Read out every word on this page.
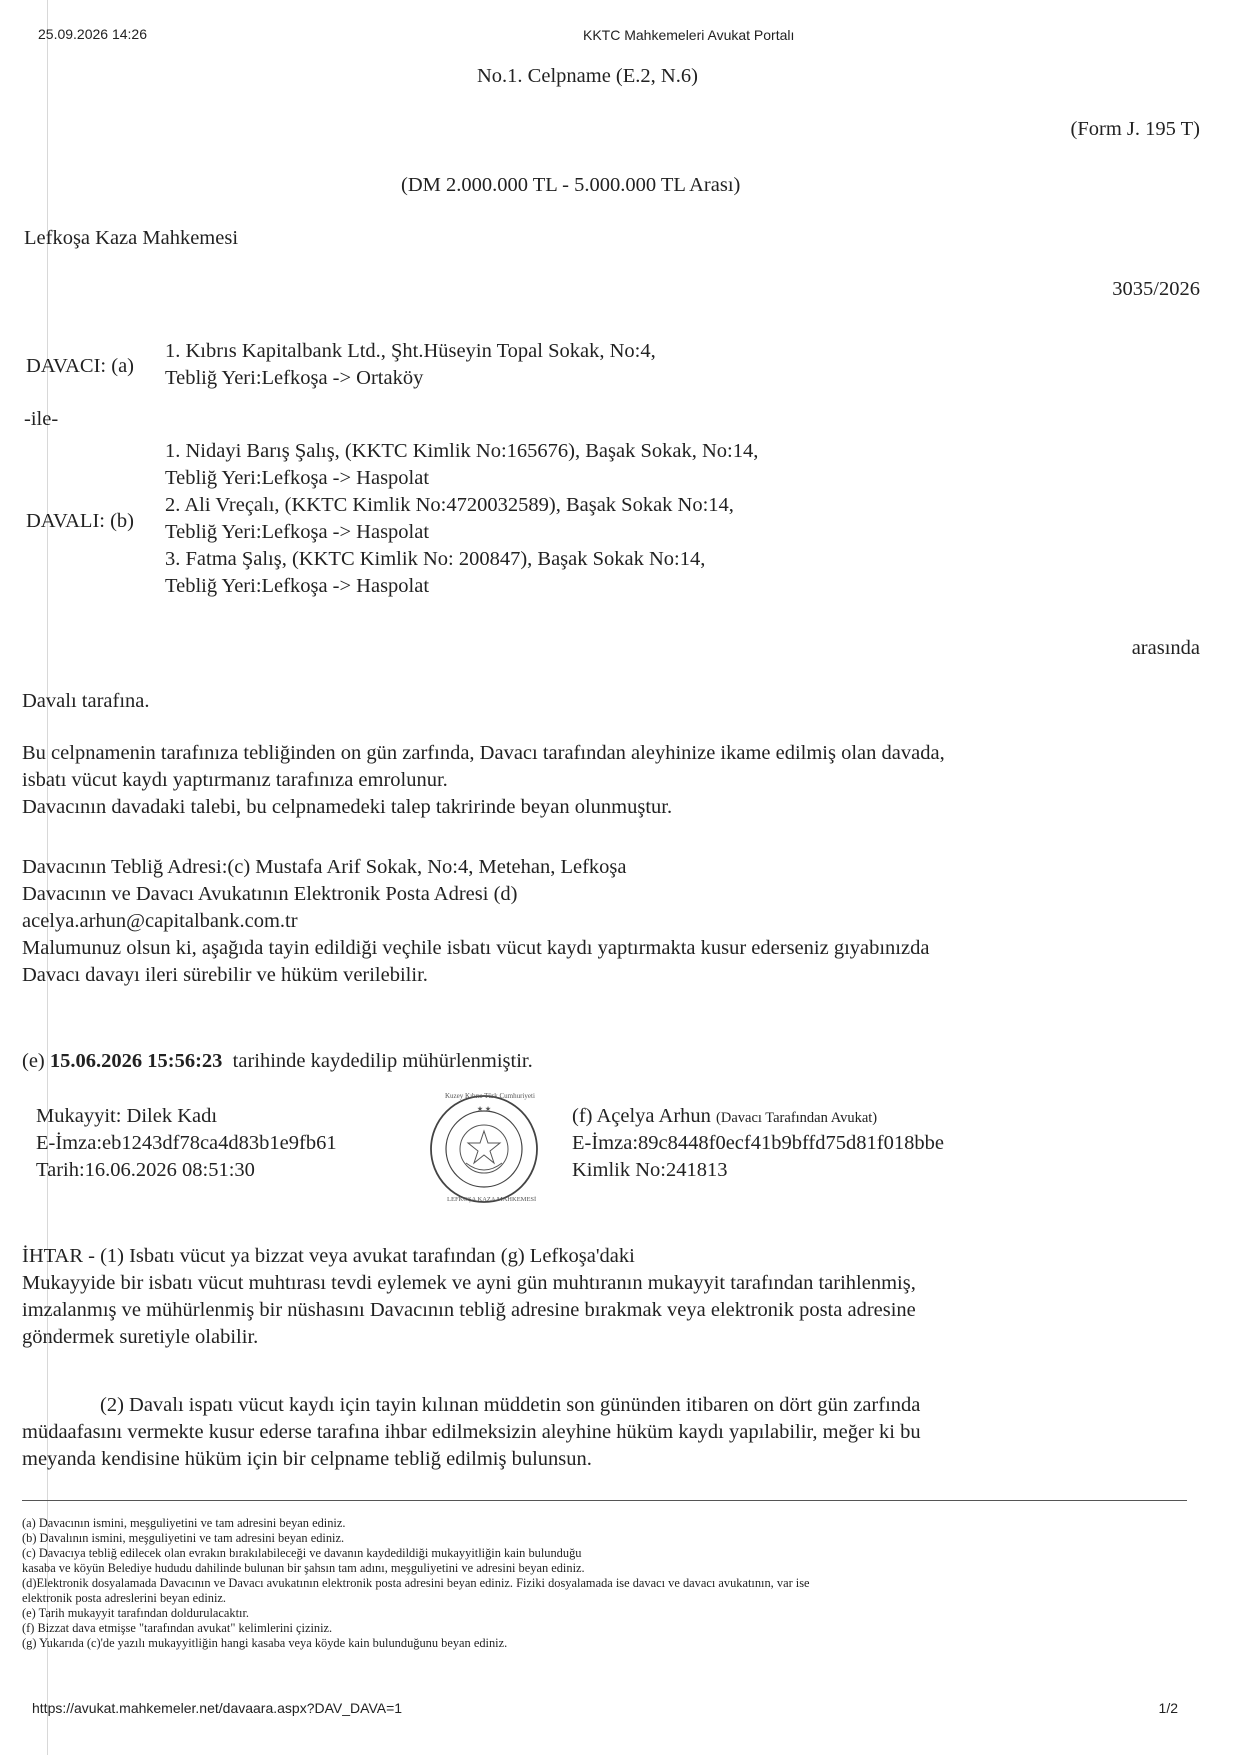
25.09.2026 14:26	KKTC Mahkemeleri Avukat Portalı
No.1. Celpname (E.2, N.6)
(Form J. 195 T)
(DM 2.000.000 TL - 5.000.000 TL Arası)
Lefkoşa Kaza Mahkemesi
3035/2026
DAVACI: (a)
1. Kıbrıs Kapitalbank Ltd., Şht.Hüseyin Topal Sokak, No:4,
Tebliğ Yeri:Lefkoşa -> Ortaköy
-ile-
DAVALI: (b)
1. Nidayi Barış Şalış, (KKTC Kimlik No:165676), Başak Sokak, No:14,
Tebliğ Yeri:Lefkoşa -> Haspolat
2. Ali Vreçalı, (KKTC Kimlik No:4720032589), Başak Sokak No:14,
Tebliğ Yeri:Lefkoşa -> Haspolat
3. Fatma Şalış, (KKTC Kimlik No: 200847), Başak Sokak No:14,
Tebliğ Yeri:Lefkoşa -> Haspolat
arasında
Davalı tarafına.
Bu celpnamenin tarafınıza tebliğinden on gün zarfında, Davacı tarafından aleyhinize ikame edilmiş olan davada,
isbatı vücut kaydı yaptırmanız tarafınıza emrolunur.
Davacının davadaki talebi, bu celpnamedeki talep takririnde beyan olunmuştur.
Davacının Tebliğ Adresi:(c) Mustafa Arif Sokak, No:4, Metehan, Lefkoşa
Davacının ve Davacı Avukatının Elektronik Posta Adresi (d)
acelya.arhun@capitalbank.com.tr
Malumunuz olsun ki, aşağıda tayin edildiği veçhile isbatı vücut kaydı yaptırmakta kusur ederseniz gıyabınızda
Davacı davayı ileri sürebilir ve hüküm verilebilir.
(e) 15.06.2026 15:56:23 tarihinde kaydedilip mühürlenmiştir.
Mukayyit: Dilek Kadı
E-İmza:eb1243df78ca4d83b1e9fb61
Tarih:16.06.2026 08:51:30
★ ★
Kuzey Kıbrıs Türk Cumhuriyeti
LEFKOŞA KAZA MAHKEMESİ
(f) Açelya Arhun (Davacı Tarafından Avukat)
E-İmza:89c8448f0ecf41b9bffd75d81f018bbe
Kimlik No:241813
İHTAR - (1) Isbatı vücut ya bizzat veya avukat tarafından (g) Lefkoşa'daki
Mukayyide bir isbatı vücut muhtırası tevdi eylemek ve ayni gün muhtıranın mukayyit tarafından tarihlenmiş,
imzalanmış ve mühürlenmiş bir nüshasını Davacının tebliğ adresine bırakmak veya elektronik posta adresine
göndermek suretiyle olabilir.
(2) Davalı ispatı vücut kaydı için tayin kılınan müddetin son gününden itibaren on dört gün zarfında
müdaafasını vermekte kusur ederse tarafına ihbar edilmeksizin aleyhine hüküm kaydı yapılabilir, meğer ki bu
meyanda kendisine hüküm için bir celpname tebliğ edilmiş bulunsun.
(a) Davacının ismini, meşguliyetini ve tam adresini beyan ediniz.
(b) Davalının ismini, meşguliyetini ve tam adresini beyan ediniz.
(c) Davacıya tebliğ edilecek olan evrakın bırakılabileceği ve davanın kaydedildiği mukayyitliğin kain bulunduğu
kasaba ve köyün Belediye hududu dahilinde bulunan bir şahsın tam adını, meşguliyetini ve adresini beyan ediniz.
(d)Elektronik dosyalamada Davacının ve Davacı avukatının elektronik posta adresini beyan ediniz. Fiziki dosyalamada ise davacı ve davacı avukatının, var ise
elektronik posta adreslerini beyan ediniz.
(e) Tarih mukayyit tarafından doldurulacaktır.
(f) Bizzat dava etmişse "tarafından avukat" kelimlerini çiziniz.
(g) Yukarıda (c)'de yazılı mukayyitliğin hangi kasaba veya köyde kain bulunduğunu beyan ediniz.
https://avukat.mahkemeler.net/davaara.aspx?DAV_DAVA=1	1/2
